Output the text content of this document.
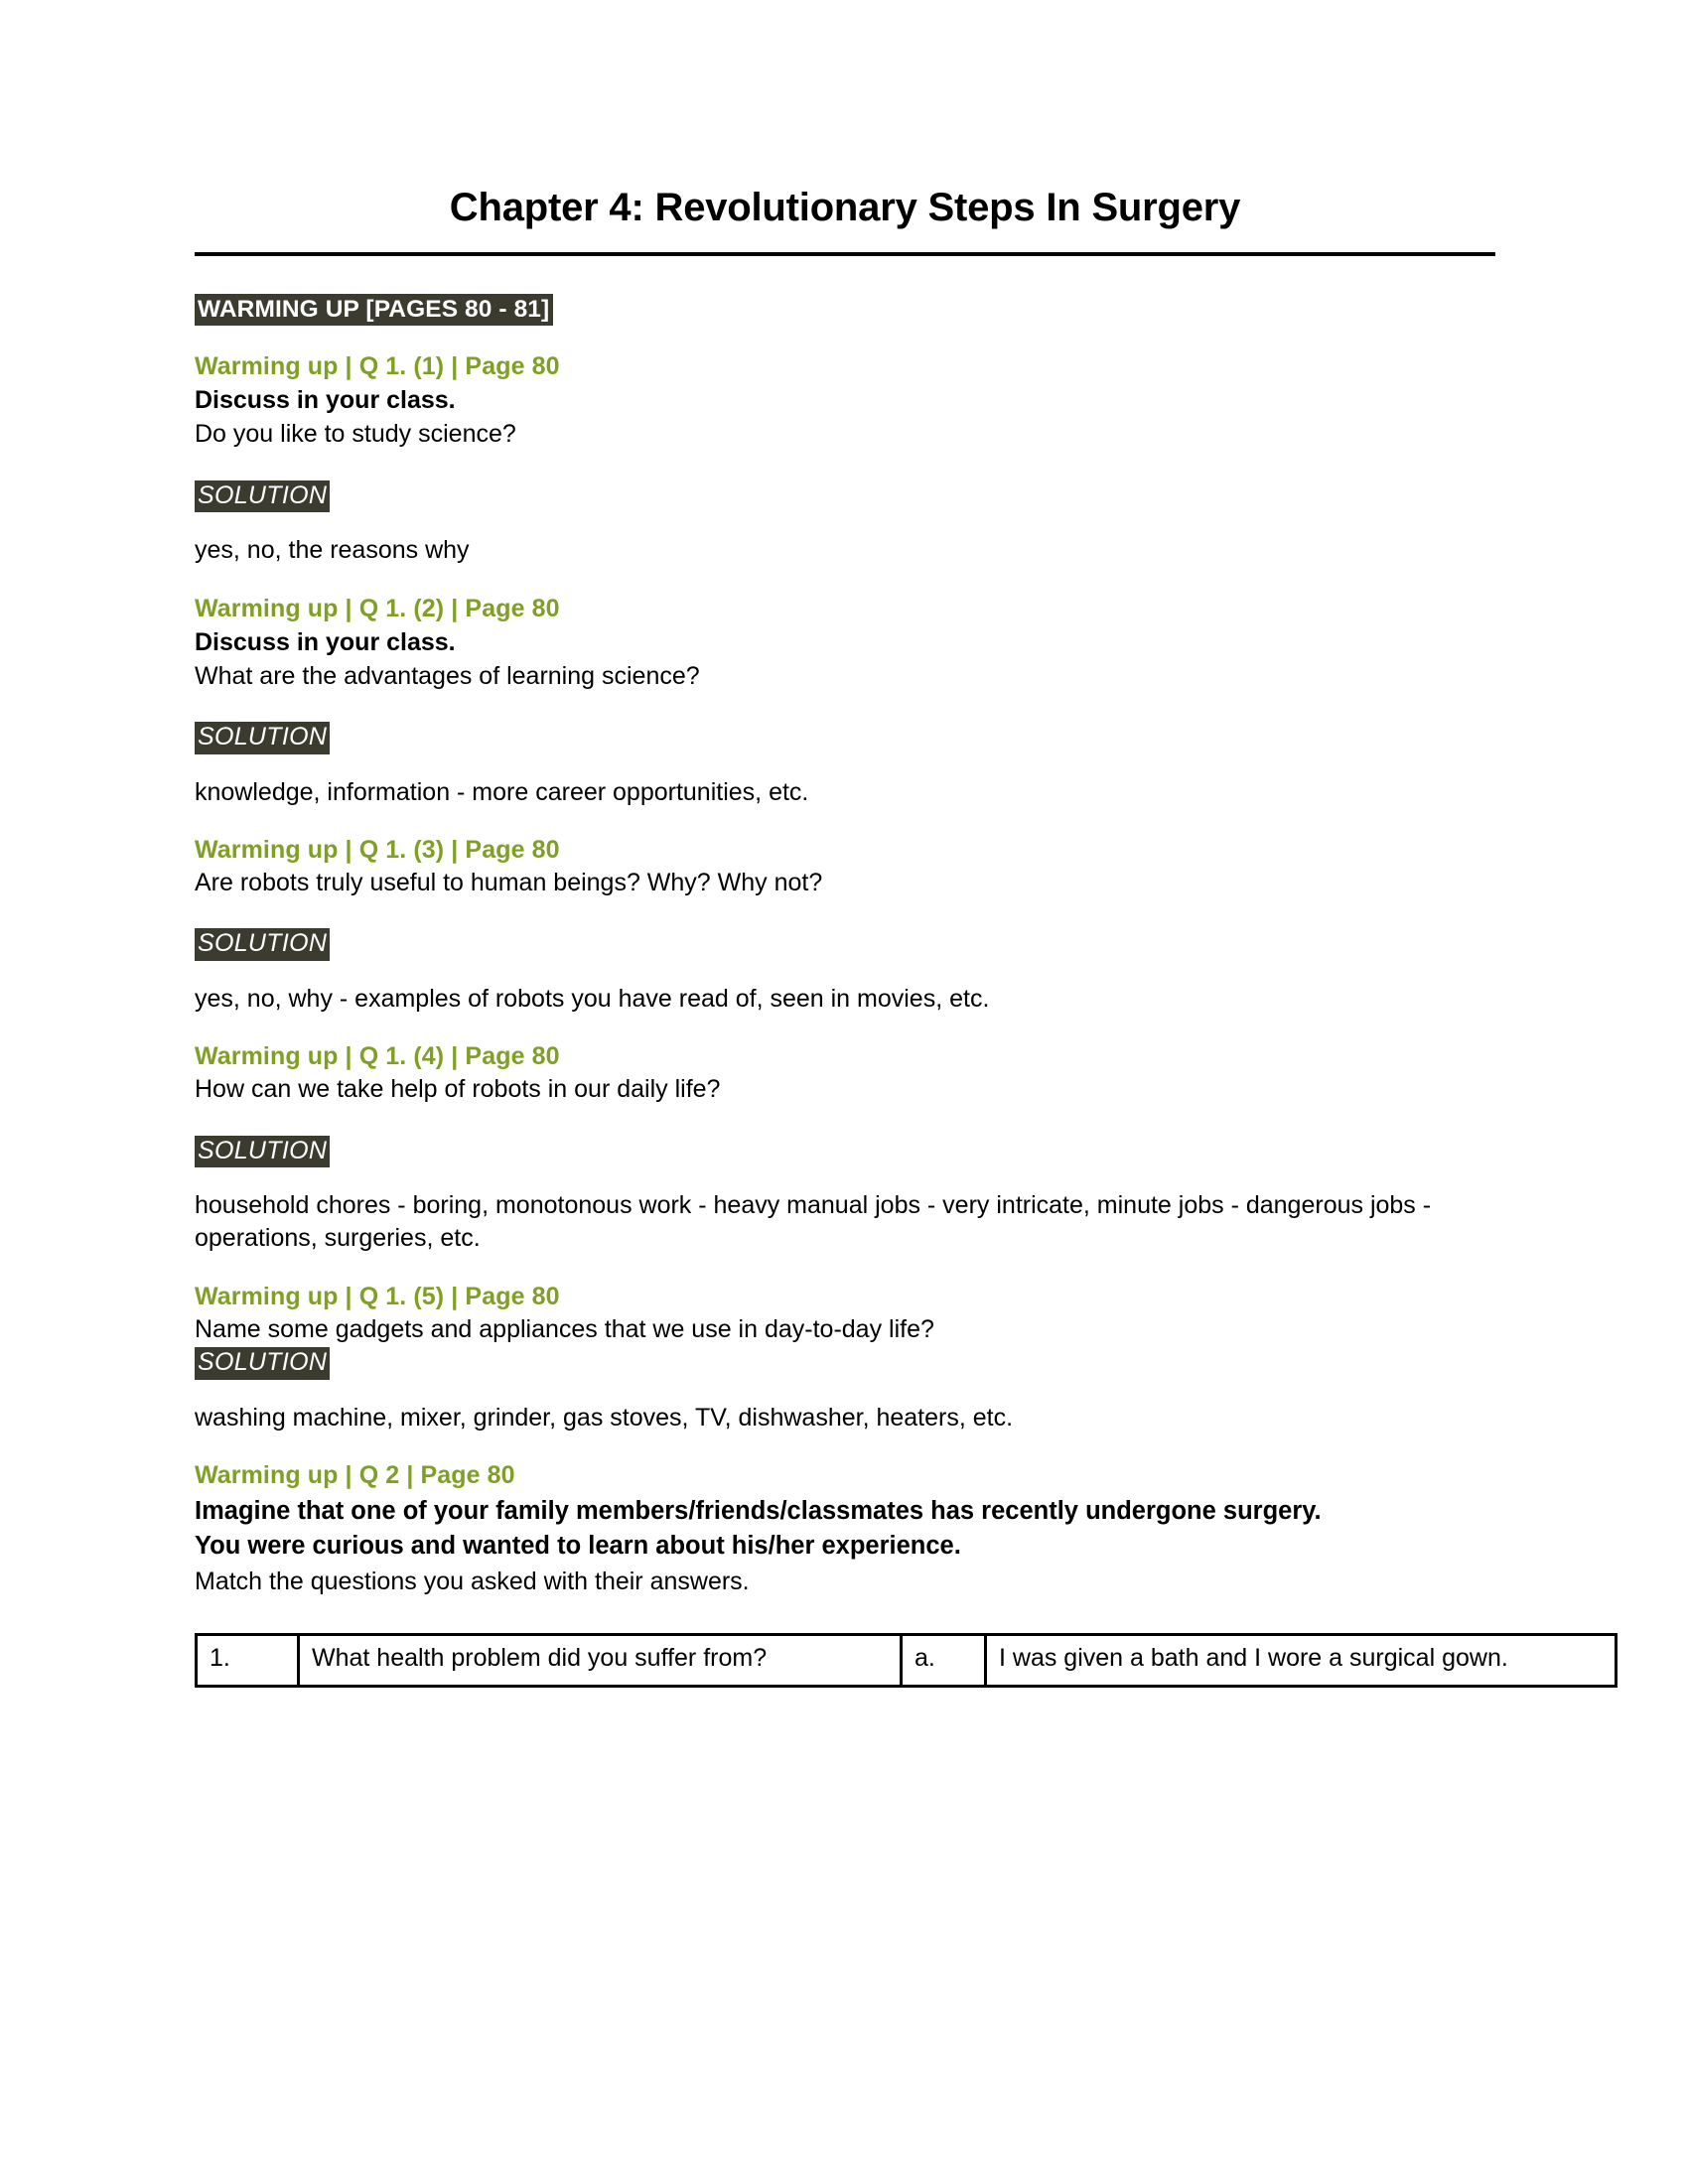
Chapter 4: Revolutionary Steps In Surgery
WARMING UP [PAGES 80 - 81]
Warming up | Q 1. (1) | Page 80
Discuss in your class.
Do you like to study science?
SOLUTION
yes, no, the reasons why
Warming up | Q 1. (2) | Page 80
Discuss in your class.
What are the advantages of learning science?
SOLUTION
knowledge, information - more career opportunities, etc.
Warming up | Q 1. (3) | Page 80
Are robots truly useful to human beings? Why? Why not?
SOLUTION
yes, no, why - examples of robots you have read of, seen in movies, etc.
Warming up | Q 1. (4) | Page 80
How can we take help of robots in our daily life?
SOLUTION
household chores - boring, monotonous work - heavy manual jobs - very intricate, minute jobs - dangerous jobs - operations, surgeries, etc.
Warming up | Q 1. (5) | Page 80
Name some gadgets and appliances that we use in day-to-day life?
SOLUTION
washing machine, mixer, grinder, gas stoves, TV, dishwasher, heaters, etc.
Warming up | Q 2 | Page 80
Imagine that one of your family members/friends/classmates has recently undergone surgery. You were curious and wanted to learn about his/her experience.
Match the questions you asked with their answers.
1.	What health problem did you suffer from?	a.	I was given a bath and I wore a surgical gown.
